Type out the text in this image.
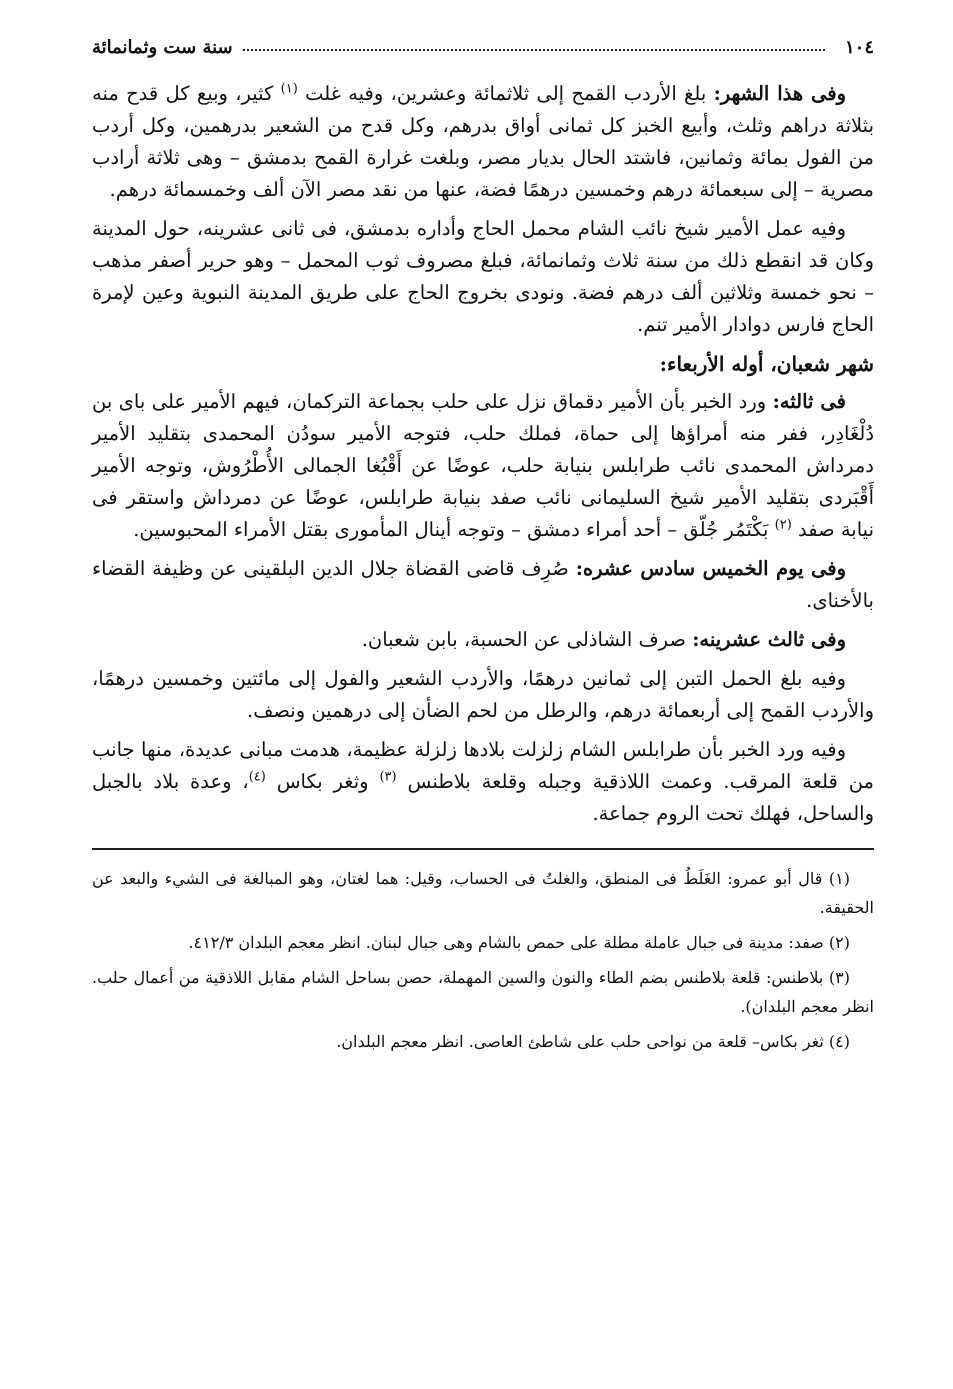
١٠٤
سنة ست وثمانمائة

وفى هذا الشهر: بلغ الأردب القمح إلى ثلاثمائة وعشرين، وفيه غلت $^{(١)}$ كثير، وبيع كل قدح منه بثلاثة دراهم وثلث، وأبيع الخبز كل ثمانى أواق بدرهم، وكل قدح من الشعير بدرهمين، وكل أردب من الفول بمائة وثمانين، فاشتد الحال بديار مصر، وبلغت غرارة القمح بدمشق – وهى ثلاثة أرادب مصرية – إلى سبعمائة درهم وخمسين درهمًا فضة، عنها من نقد مصر الآن ألف وخمسمائة درهم.

وفيه عمل الأمير شيخ نائب الشام محمل الحاج وأداره بدمشق، فى ثانى عشرينه، حول المدينة وكان قد انقطع ذلك من سنة ثلاث وثمانمائة، فبلغ مصروف ثوب المحمل – وهو حرير أصفر مذهب – نحو خمسة وثلاثين ألف درهم فضة. ونودى بخروج الحاج على طريق المدينة النبوية وعين لإمرة الحاج فارس دوادار الأمير تنم.

شهر شعبان، أوله الأربعاء:

فى ثالثه: ورد الخبر بأن الأمير دقماق نزل على حلب بجماعة التركمان، فيهم الأمير على باى بن دُلْغَادِر، ففر منه أمراؤها إلى حماة، فملك حلب، فتوجه الأمير سودُن المحمدى بتقليد الأمير دمرداش المحمدى نائب طرابلس بنيابة حلب، عوضًا عن أَقْبُغا الجمالى الأُطْرُوش، وتوجه الأمير أَقْبَردى بتقليد الأمير شيخ السليمانى نائب صفد بنيابة طرابلس، عوضًا عن دمرداش واستقر فى نيابة صفد $^{(٢)}$ بَكْتَمُر جُلّق – أحد أمراء دمشق – وتوجه أينال المأمورى بقتل الأمراء المحبوسين.

وفى يوم الخميس سادس عشره: صُرِف قاضى القضاة جلال الدين البلقينى عن وظيفة القضاء بالأخناى.

وفى ثالث عشرينه: صرف الشاذلى عن الحسبة، بابن شعبان.

وفيه بلغ الحمل التبن إلى ثمانين درهمًا، والأردب الشعير والفول إلى مائتين وخمسين درهمًا، والأردب القمح إلى أربعمائة درهم، والرطل من لحم الضأن إلى درهمين ونصف.

وفيه ورد الخبر بأن طرابلس الشام زلزلت بلادها زلزلة عظيمة، هدمت مبانى عديدة، منها جانب من قلعة المرقب. وعمت اللاذقية وجبله وقلعة بلاطنس $^{(٣)}$ وثغر بكاس $^{(٤)}$، وعدة بلاد بالجبل والساحل، فهلك تحت الروم جماعة.

(١) قال أبو عمرو: الغَلَطُ فى المنطق، والغلتُ فى الحساب، وقيل: هما لغتان، وهو المبالغة فى الشيء والبعد عن الحقيقة.

(٢) صفد: مدينة فى جبال عاملة مطلة على حمص بالشام وهى جبال لبنان. انظر معجم البلدان ٤١٢/٣.

(٣) بلاطنس: قلعة بلاطنس بضم الطاء والنون والسين المهملة، حصن بساحل الشام مقابل اللاذقية من أعمال حلب. انظر معجم البلدان).

(٤) ثغر بكاس– قلعة من نواحى حلب على شاطئ العاصى. انظر معجم البلدان.
